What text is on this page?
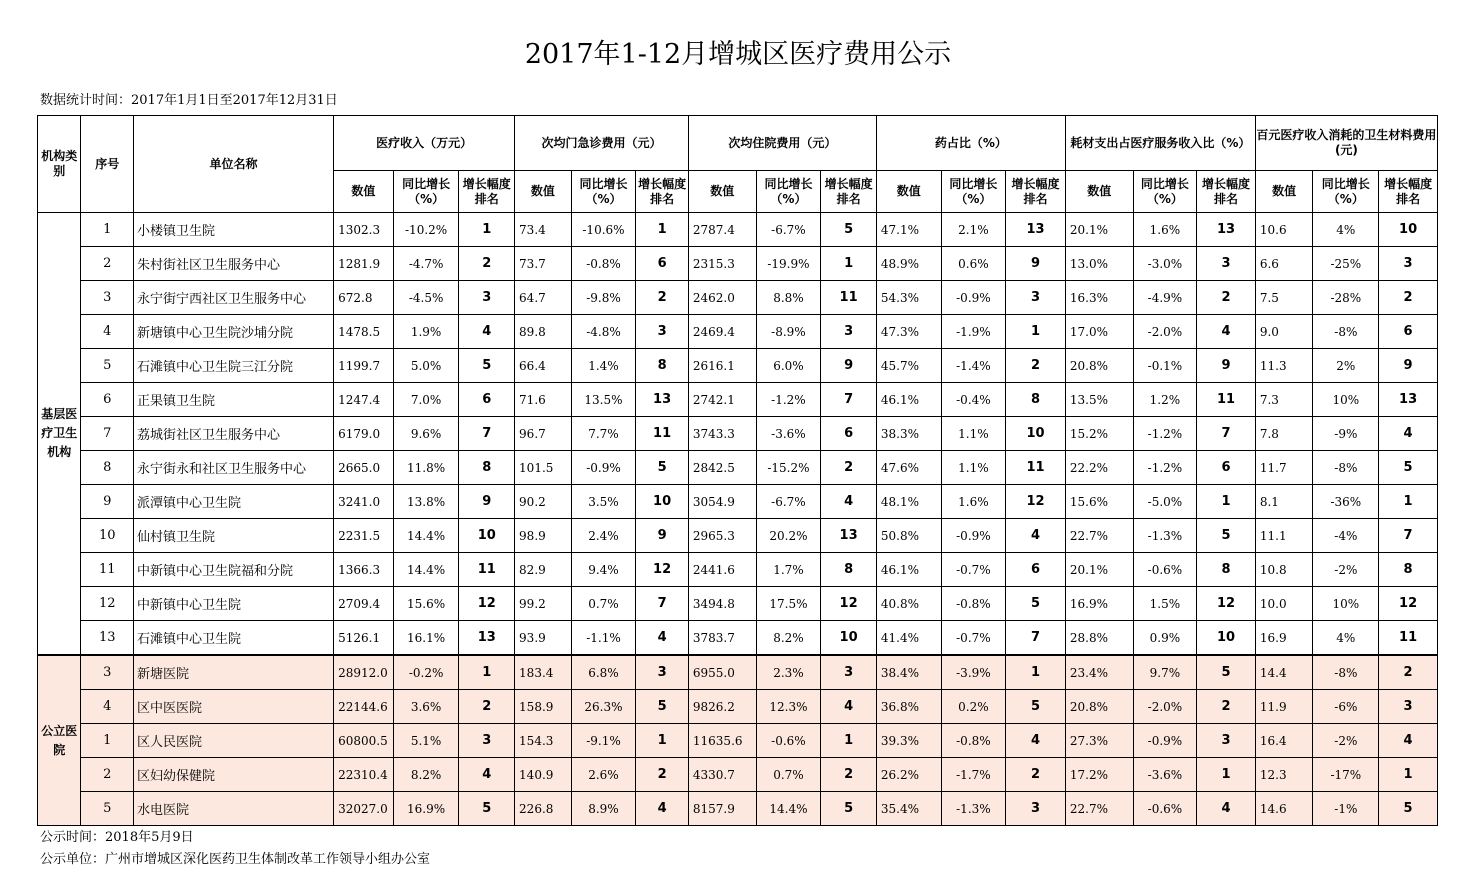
2017年1-12月增城区医疗费用公示
数据统计时间：2017年1月1日至2017年12月31日
机构类别	序号	单位名称	医疗收入（万元）			次均门急诊费用（元）			次均住院费用（元）			药占比（%）			耗材支出占医疗服务收入比（%）			百元医疗收入消耗的卫生材料费用(元)		
			数值	同比增长（%）	增长幅度排名	数值	同比增长（%）	增长幅度排名	数值	同比增长（%）	增长幅度排名	数值	同比增长（%）	增长幅度排名	数值	同比增长（%）	增长幅度排名	数值	同比增长（%）	增长幅度排名
基层医疗卫生机构	1	小楼镇卫生院	1302.3	-10.2%	1	73.4	-10.6%	1	2787.4	-6.7%	5	47.1%	2.1%	13	20.1%	1.6%	13	10.6	4%	10
	2	朱村街社区卫生服务中心	1281.9	-4.7%	2	73.7	-0.8%	6	2315.3	-19.9%	1	48.9%	0.6%	9	13.0%	-3.0%	3	6.6	-25%	3
	3	永宁街宁西社区卫生服务中心	672.8	-4.5%	3	64.7	-9.8%	2	2462.0	8.8%	11	54.3%	-0.9%	3	16.3%	-4.9%	2	7.5	-28%	2
	4	新塘镇中心卫生院沙埔分院	1478.5	1.9%	4	89.8	-4.8%	3	2469.4	-8.9%	3	47.3%	-1.9%	1	17.0%	-2.0%	4	9.0	-8%	6
	5	石滩镇中心卫生院三江分院	1199.7	5.0%	5	66.4	1.4%	8	2616.1	6.0%	9	45.7%	-1.4%	2	20.8%	-0.1%	9	11.3	2%	9
	6	正果镇卫生院	1247.4	7.0%	6	71.6	13.5%	13	2742.1	-1.2%	7	46.1%	-0.4%	8	13.5%	1.2%	11	7.3	10%	13
	7	荔城街社区卫生服务中心	6179.0	9.6%	7	96.7	7.7%	11	3743.3	-3.6%	6	38.3%	1.1%	10	15.2%	-1.2%	7	7.8	-9%	4
	8	永宁街永和社区卫生服务中心	2665.0	11.8%	8	101.5	-0.9%	5	2842.5	-15.2%	2	47.6%	1.1%	11	22.2%	-1.2%	6	11.7	-8%	5
	9	派潭镇中心卫生院	3241.0	13.8%	9	90.2	3.5%	10	3054.9	-6.7%	4	48.1%	1.6%	12	15.6%	-5.0%	1	8.1	-36%	1
	10	仙村镇卫生院	2231.5	14.4%	10	98.9	2.4%	9	2965.3	20.2%	13	50.8%	-0.9%	4	22.7%	-1.3%	5	11.1	-4%	7
	11	中新镇中心卫生院福和分院	1366.3	14.4%	11	82.9	9.4%	12	2441.6	1.7%	8	46.1%	-0.7%	6	20.1%	-0.6%	8	10.8	-2%	8
	12	中新镇中心卫生院	2709.4	15.6%	12	99.2	0.7%	7	3494.8	17.5%	12	40.8%	-0.8%	5	16.9%	1.5%	12	10.0	10%	12
	13	石滩镇中心卫生院	5126.1	16.1%	13	93.9	-1.1%	4	3783.7	8.2%	10	41.4%	-0.7%	7	28.8%	0.9%	10	16.9	4%	11
公立医院	3	新塘医院	28912.0	-0.2%	1	183.4	6.8%	3	6955.0	2.3%	3	38.4%	-3.9%	1	23.4%	9.7%	5	14.4	-8%	2
	4	区中医医院	22144.6	3.6%	2	158.9	26.3%	5	9826.2	12.3%	4	36.8%	0.2%	5	20.8%	-2.0%	2	11.9	-6%	3
	1	区人民医院	60800.5	5.1%	3	154.3	-9.1%	1	11635.6	-0.6%	1	39.3%	-0.8%	4	27.3%	-0.9%	3	16.4	-2%	4
	2	区妇幼保健院	22310.4	8.2%	4	140.9	2.6%	2	4330.7	0.7%	2	26.2%	-1.7%	2	17.2%	-3.6%	1	12.3	-17%	1
	5	水电医院	32027.0	16.9%	5	226.8	8.9%	4	8157.9	14.4%	5	35.4%	-1.3%	3	22.7%	-0.6%	4	14.6	-1%	5
公示时间：2018年5月9日
公示单位：广州市增城区深化医药卫生体制改革工作领导小组办公室
